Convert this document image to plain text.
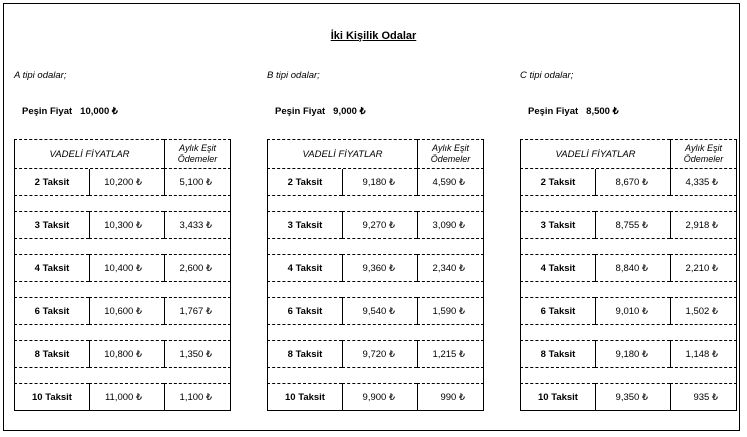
İki Kişilik Odalar
A tipi odalar;
Peşin Fiyat 10,000 ₺
VADELİ FİYATLAR		Aylık Eşit
Ödemeler

2 Taksit	10,200 ₺	5,100 ₺

3 Taksit	10,300 ₺	3,433 ₺

4 Taksit	10,400 ₺	2,600 ₺

6 Taksit	10,600 ₺	1,767 ₺

8 Taksit	10,800 ₺	1,350 ₺

10 Taksit	11,000 ₺	1,100 ₺
B tipi odalar;
Peşin Fiyat 9,000 ₺
VADELİ FİYATLAR		Aylık Eşit
Ödemeler

2 Taksit	9,180 ₺	4,590 ₺

3 Taksit	9,270 ₺	3,090 ₺

4 Taksit	9,360 ₺	2,340 ₺

6 Taksit	9,540 ₺	1,590 ₺

8 Taksit	9,720 ₺	1,215 ₺

10 Taksit	9,900 ₺	990 ₺
C tipi odalar;
Peşin Fiyat 8,500 ₺
VADELİ FİYATLAR		Aylık Eşit
Ödemeler

2 Taksit	8,670 ₺	4,335 ₺

3 Taksit	8,755 ₺	2,918 ₺

4 Taksit	8,840 ₺	2,210 ₺

6 Taksit	9,010 ₺	1,502 ₺

8 Taksit	9,180 ₺	1,148 ₺

10 Taksit	9,350 ₺	935 ₺
